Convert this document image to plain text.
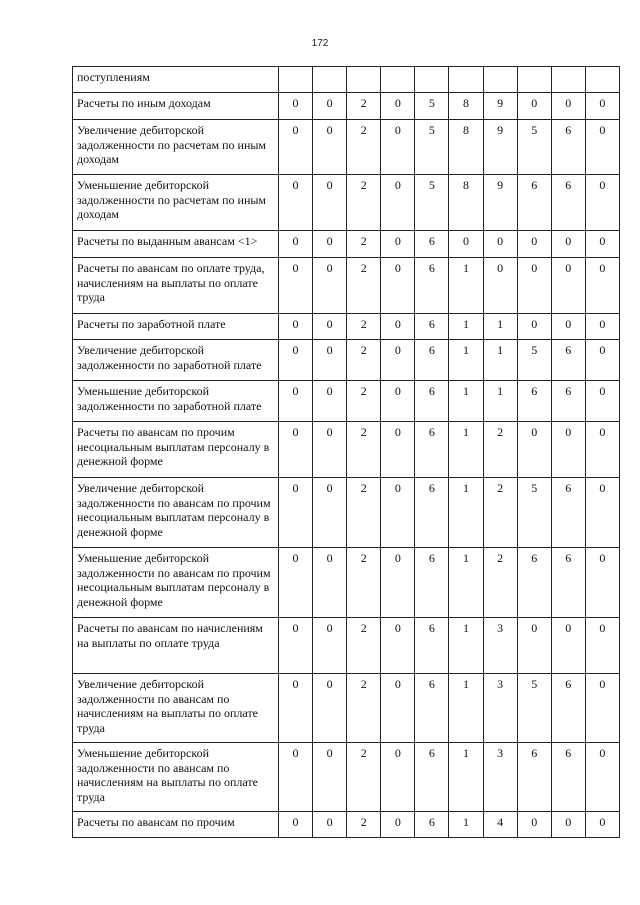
172
поступлениям										
Расчеты по иным доходам	0	0	2	0	5	8	9	0	0	0
Увеличение дебиторской задолженности по расчетам по иным доходам	0	0	2	0	5	8	9	5	6	0
Уменьшение дебиторской задолженности по расчетам по иным доходам	0	0	2	0	5	8	9	6	6	0
Расчеты по выданным авансам <1>	0	0	2	0	6	0	0	0	0	0
Расчеты по авансам по оплате труда, начислениям на выплаты по оплате труда	0	0	2	0	6	1	0	0	0	0
Расчеты по заработной плате	0	0	2	0	6	1	1	0	0	0
Увеличение дебиторской задолженности по заработной плате	0	0	2	0	6	1	1	5	6	0
Уменьшение дебиторской задолженности по заработной плате	0	0	2	0	6	1	1	6	6	0
Расчеты по авансам по прочим несоциальным выплатам персоналу в денежной форме	0	0	2	0	6	1	2	0	0	0
Увеличение дебиторской задолженности по авансам по прочим несоциальным выплатам персоналу в денежной форме	0	0	2	0	6	1	2	5	6	0
Уменьшение дебиторской задолженности по авансам по прочим несоциальным выплатам персоналу в денежной форме	0	0	2	0	6	1	2	6	6	0
Расчеты по авансам по начислениям на выплаты по оплате труда	0	0	2	0	6	1	3	0	0	0
Увеличение дебиторской задолженности по авансам по начислениям на выплаты по оплате труда	0	0	2	0	6	1	3	5	6	0
Уменьшение дебиторской задолженности по авансам по начислениям на выплаты по оплате труда	0	0	2	0	6	1	3	6	6	0
Расчеты по авансам по прочим	0	0	2	0	6	1	4	0	0	0
